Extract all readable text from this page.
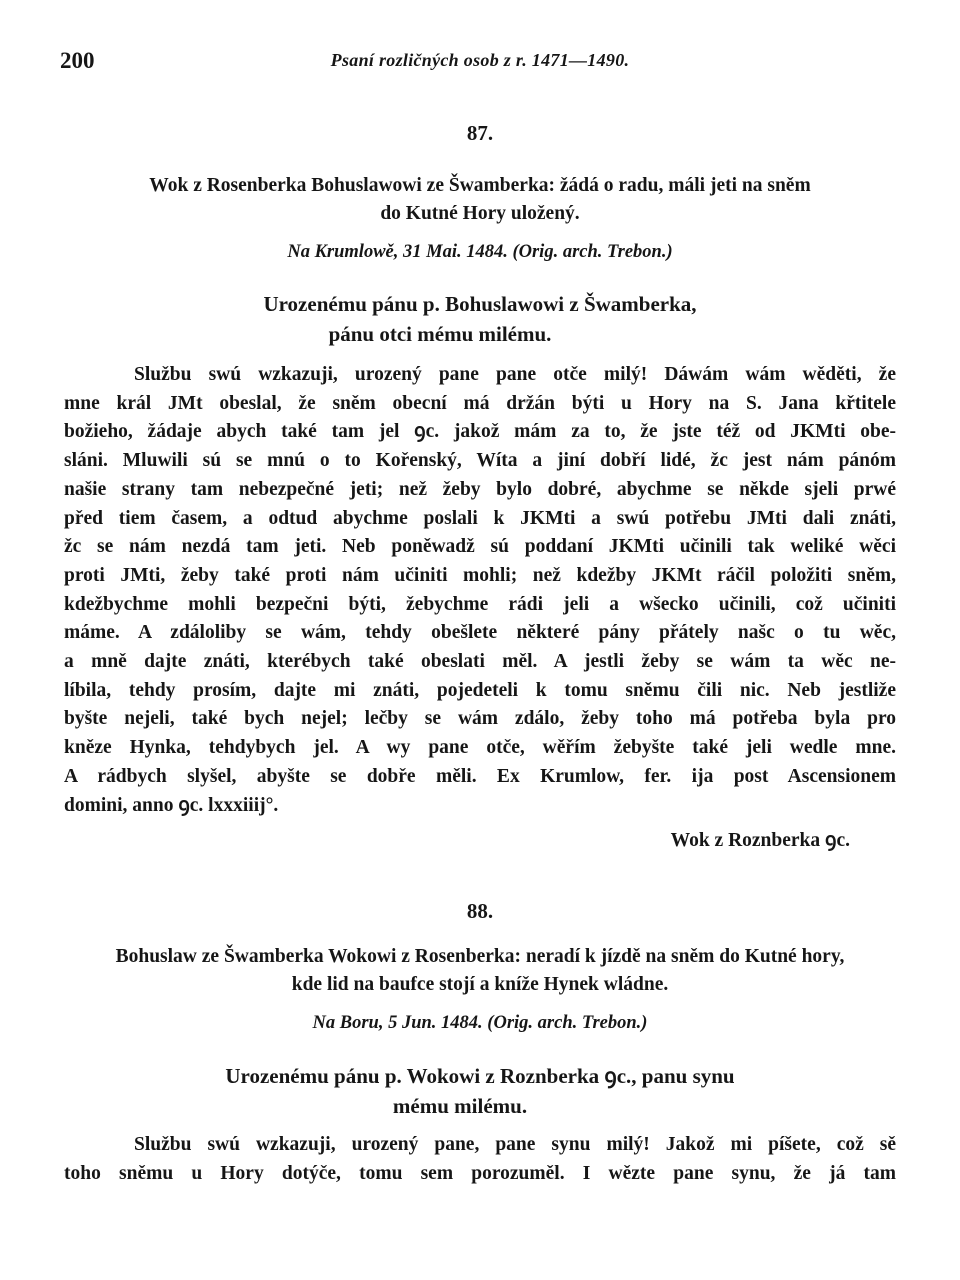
200	Psaní rozličných osob z r. 1471—1490.
87.
Wok z Rosenberka Bohuslawowi ze Šwamberka: žádá o radu, máli jeti na sněm
do Kutné Hory uložený.
Na Krumlowě, 31 Mai. 1484. (Orig. arch. Trebon.)
Urozenému pánu p. Bohuslawowi z Šwamberka,
pánu otci mému milému.
Službu swú wzkazuji, urozený pane pane otče milý! Dáwám wám wěděti, že
mne král JMt obeslal, že sněm obecní má držán býti u Hory na S. Jana křtitele
božieho, žádaje abych také tam jel ꝯc. jakož mám za to, že jste též od JKMti obe-
sláni. Mluwili sú se mnú o to Kořenský, Wíta a jiní dobří lidé, žc jest nám pánóm
našie strany tam nebezpečné jeti; než žeby bylo dobré, abychme se někde sjeli prwé
před tiem časem, a odtud abychme poslali k JKMti a swú potřebu JMti dali znáti,
žc se nám nezdá tam jeti. Neb poněwadž sú poddaní JKMti učinili tak weliké wěci
proti JMti, žeby také proti nám učiniti mohli; než kdežby JKMt ráčil položiti sněm,
kdežbychme mohli bezpečni býti, žebychme rádi jeli a wšecko učinili, což učiniti
máme. A zdáloliby se wám, tehdy obešlete některé pány přátely našc o tu wěc,
a mně dajte znáti, kterébych také obeslati měl. A jestli žeby se wám ta wěc ne-
líbila, tehdy prosím, dajte mi znáti, pojedeteli k tomu sněmu čili nic. Neb jestližе
byšte nejeli, také bych nejel; lečby se wám zdálo, žeby toho má potřeba byla pro
kněze Hynka, tehdybych jel. A wy pane otče, wěřím žebyšte také jeli wedle mne.
A rádbych slyšel, abyšte se dobře měli. Ex Krumlow, fer. ija post Ascensionem
domini, anno ꝯc. lxxxiiij°.
Wok z Roznberka ꝯc.
88.
Bohuslaw ze Šwamberka Wokowi z Rosenberka: neradí k jízdě na sněm do Kutné hory,
kde lid na baufce stojí a kníže Hynek wládne.
Na Boru, 5 Jun. 1484. (Orig. arch. Trebon.)
Urozenému pánu p. Wokowi z Roznberka ꝯc., panu synu
mému milému.
Službu swú wzkazuji, urozený pane, pane synu milý! Jakož mi píšete, což sě
toho sněmu u Hory dotýče, tomu sem porozuměl. I wězte pane synu, že já tam
